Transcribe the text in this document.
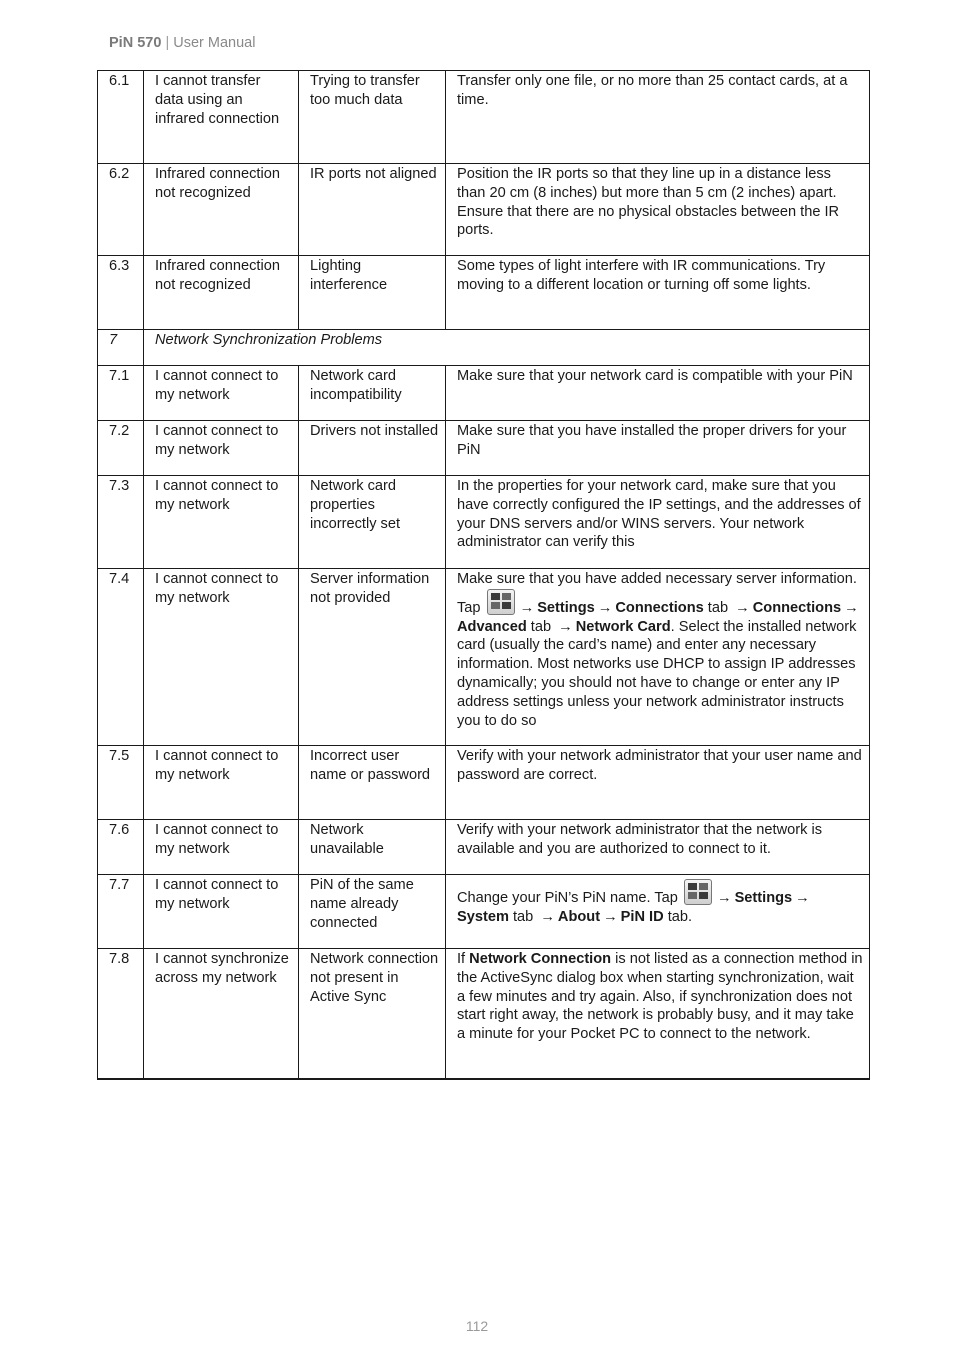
PiN 570 | User Manual
6.1	I cannot transfer data using an infrared connection	Trying to transfer too much data	Transfer only one file, or no more than 25 contact cards, at a time.
6.2	Infrared connection not recognized	IR ports not aligned	Position the IR ports so that they line up in a distance less than 20 cm (8 inches) but more than 5 cm (2 inches) apart. Ensure that there are no physical obstacles between the IR ports.
6.3	Infrared connection not recognized	Lighting interference	Some types of light interfere with IR communications. Try moving to a different location or turning off some lights.
7	Network Synchronization Problems		
7.1	I cannot connect to my network	Network card incompatibility	Make sure that your network card is compatible with your PiN
7.2	I cannot connect to my network	Drivers not installed	Make sure that you have installed the proper drivers for your PiN
7.3	I cannot connect to my network	Network card properties incorrectly set	In the properties for your network card, make sure that you have correctly configured the IP settings, and the addresses of your DNS servers and/or WINS servers. Your network administrator can verify this
7.4	I cannot connect to my network	Server information not provided	Make sure that you have added necessary server information. Tap
→ Settings → Connections tab → Connections →Advanced tab → Network Card. Select the installed network card (usually the card’s name) and enter any necessary information. Most networks use DHCP to assign IP addresses dynamically; you should not have to change or enter any IP address settings unless your network administrator instructs you to do so
7.5	I cannot connect to my network	Incorrect user name or password	Verify with your network administrator that your user name and password are correct.
7.6	I cannot connect to my network	Network unavailable	Verify with your network administrator that the network is available and you are authorized to connect to it.
7.7	I cannot connect to my network	PiN of the same name already connected	Change your PiN’s PiN name. Tap
→ Settings →System tab → About → PiN ID tab.
7.8	I cannot synchronize across my network	Network connection not present in Active Sync	If Network Connection is not listed as a connection method in the ActiveSync dialog box when starting synchronization, wait a few minutes and try again. Also, if synchronization does not start right away, the network is probably busy, and it may take a minute for your Pocket PC to connect to the network.
112
